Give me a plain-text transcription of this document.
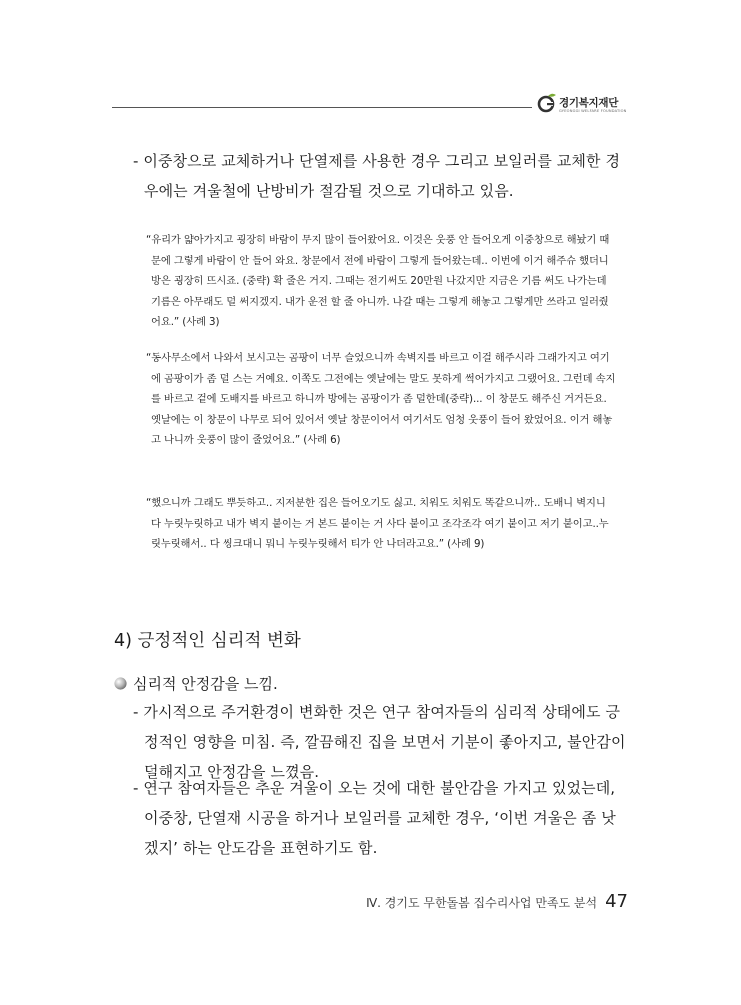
경기복지재단
GYEONGGI WELFARE FOUNDATION

- 이중창으로 교체하거나 단열제를 사용한 경우 그리고 보일러를 교체한 경우에는 겨울철에 난방비가 절감될 것으로 기대하고 있음.

“유리가 얇아가지고 굉장히 바람이 무지 많이 들어왔어요. 이것은 웃풍 안 들어오게 이중창으로 해놨기 때문에 그렇게 바람이 안 들어 와요. 창문에서 전에 바람이 그렇게 들어왔는데.. 이번에 이거 해주슈 했더니 방은 굉장히 뜨시죠. (중략) 확 줄은 거지. 그때는 전기써도 20만원 나갔지만 지금은 기름 써도 나가는데 기름은 아무래도 덜 써지겠지. 내가 운전 할 줄 아니까. 나갈 때는 그렇게 해놓고 그렇게만 쓰라고 일러줬어요.” (사례 3)

“동사무소에서 나와서 보시고는 곰팡이 너무 슬었으니까 속벽지를 바르고 이걸 해주시라 그래가지고 여기에 곰팡이가 좀 덜 스는 거예요. 이쪽도 그전에는 옛날에는 말도 못하게 썩어가지고 그랬어요. 그런데 속지를 바르고 겉에 도배지를 바르고 하니까 방에는 곰팡이가 좀 덜한데(중략)... 이 창문도 해주신 거거든요. 옛날에는 이 창문이 나무로 되어 있어서 옛날 창문이어서 여기서도 엄청 웃풍이 들어 왔었어요. 이거 해놓고 나니까 웃풍이 많이 줄었어요.” (사례 6)

“했으니까 그래도 뿌듯하고.. 지저분한 집은 들어오기도 싫고. 치워도 치워도 똑같으니까.. 도배니 벽지니 다 누릿누릿하고 내가 벽지 붙이는 거 본드 붙이는 거 사다 붙이고 조각조각 여기 붙이고 저기 붙이고..누릿누릿해서.. 다 씽크대니 뭐니 누릿누릿해서 티가 안 나더라고요.” (사례 9)

4) 긍정적인 심리적 변화
심리적 안정감을 느낌.

- 가시적으로 주거환경이 변화한 것은 연구 참여자들의 심리적 상태에도 긍정적인 영향을 미침. 즉, 깔끔해진 집을 보면서 기분이 좋아지고, 불안감이 덜해지고 안정감을 느꼈음.

- 연구 참여자들은 추운 겨울이 오는 것에 대한 불안감을 가지고 있었는데, 이중창, 단열재 시공을 하거나 보일러를 교체한 경우, ‘이번 겨울은 좀 낫겠지’ 하는 안도감을 표현하기도 함.

Ⅳ. 경기도 무한돌봄 집수리사업 만족도 분석 47
